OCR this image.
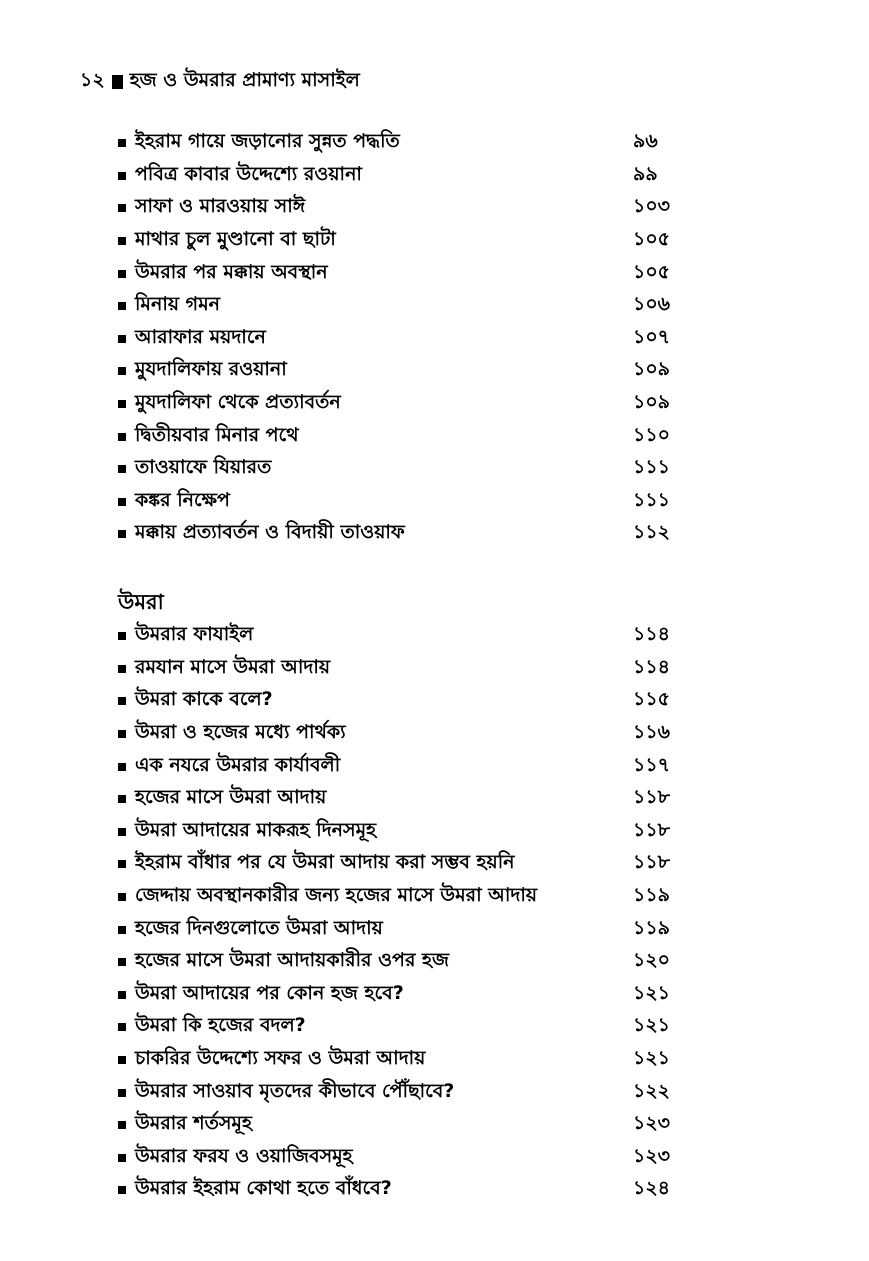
১২ হজ ও উমরার প্রামাণ্য মাসাইল
ইহরাম গায়ে জড়ানোর সুন্নত পদ্ধতি	৯৬
পবিত্র কাবার উদ্দেশ্যে রওয়ানা	৯৯
সাফা ও মারওয়ায় সাঈ	১০৩
মাথার চুল মুণ্ডানো বা ছাটা	১০৫
উমরার পর মক্কায় অবস্থান	১০৫
মিনায় গমন	১০৬
আরাফার ময়দানে	১০৭
মুযদালিফায় রওয়ানা	১০৯
মুযদালিফা থেকে প্রত্যাবর্তন	১০৯
দ্বিতীয়বার মিনার পথে	১১০
তাওয়াফে যিয়ারত	১১১
কঙ্কর নিক্ষেপ	১১১
মক্কায় প্রত্যাবর্তন ও বিদায়ী তাওয়াফ	১১২
উমরা
উমরার ফাযাইল	১১৪
রমযান মাসে উমরা আদায়	১১৪
উমরা কাকে বলে?	১১৫
উমরা ও হজের মধ্যে পার্থক্য	১১৬
এক নযরে উমরার কার্যাবলী	১১৭
হজের মাসে উমরা আদায়	১১৮
উমরা আদায়ের মাকরূহ দিনসমূহ	১১৮
ইহরাম বাঁধার পর যে উমরা আদায় করা সম্ভব হয়নি	১১৮
জেদ্দায় অবস্থানকারীর জন্য হজের মাসে উমরা আদায়	১১৯
হজের দিনগুলোতে উমরা আদায়	১১৯
হজের মাসে উমরা আদায়কারীর ওপর হজ	১২০
উমরা আদায়ের পর কোন হজ হবে?	১২১
উমরা কি হজের বদল?	১২১
চাকরির উদ্দেশ্যে সফর ও উমরা আদায়	১২১
উমরার সাওয়াব মৃতদের কীভাবে পৌঁছাবে?	১২২
উমরার শর্তসমূহ	১২৩
উমরার ফরয ও ওয়াজিবসমূহ	১২৩
উমরার ইহরাম কোথা হতে বাঁধবে?	১২৪
